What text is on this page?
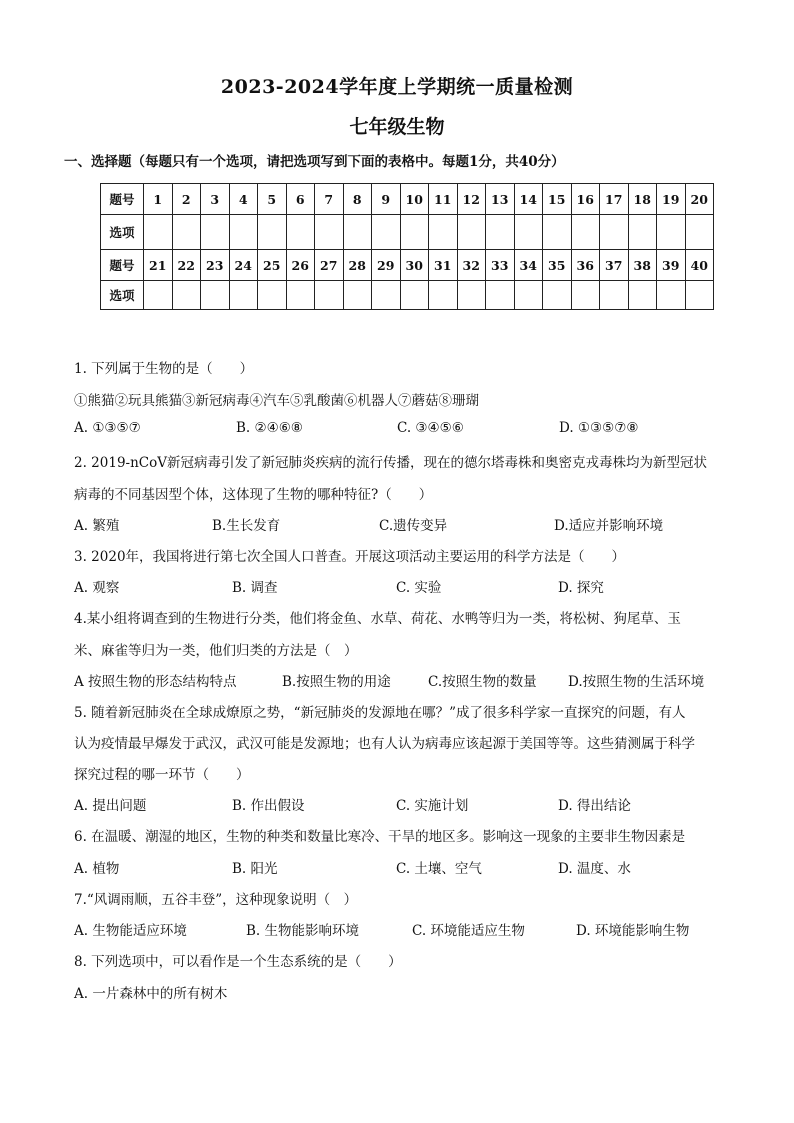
2023-2024学年度上学期统一质量检测
七年级生物
一、选择题（每题只有一个选项，请把选项写到下面的表格中。每题1分，共40分）
题号	1	2	3	4	5	6	7	8	9	10	11	12	13	14	15	16	17	18	19	20
选项																				
题号	21	22	23	24	25	26	27	28	29	30	31	32	33	34	35	36	37	38	39	40
选项																				
1. 下列属于生物的是（　　）
①熊猫②玩具熊猫③新冠病毒④汽车⑤乳酸菌⑥机器人⑦蘑菇⑧珊瑚
A. ①③⑤⑦	B. ②④⑥⑧	C. ③④⑤⑥	D. ①③⑤⑦⑧
2. 2019-nCoV新冠病毒引发了新冠肺炎疾病的流行传播，现在的德尔塔毒株和奥密克戎毒株均为新型冠状
病毒的不同基因型个体，这体现了生物的哪种特征?（　　）
A. 繁殖	B.生长发育	C.遗传变异	D.适应并影响环境
3. 2020年，我国将进行第七次全国人口普查。开展这项活动主要运用的科学方法是（　　）
A. 观察	B. 调查	C. 实验	D. 探究
4.某小组将调查到的生物进行分类，他们将金鱼、水草、荷花、水鸭等归为一类，将松树、狗尾草、玉
米、麻雀等归为一类，他们归类的方法是（　）
A 按照生物的形态结构特点	B.按照生物的用途	C.按照生物的数量 D.按照生物的生活环境
5. 随着新冠肺炎在全球成燎原之势，“新冠肺炎的发源地在哪？”成了很多科学家一直探究的问题，有人
认为疫情最早爆发于武汉，武汉可能是发源地；也有人认为病毒应该起源于美国等等。这些猜测属于科学
探究过程的哪一环节（　　）
A. 提出问题	B. 作出假设	C. 实施计划	D. 得出结论
6. 在温暖、潮湿的地区，生物的种类和数量比寒冷、干旱的地区多。影响这一现象的主要非生物因素是
A. 植物	B. 阳光	C. 土壤、空气	D. 温度、水
7.“风调雨顺，五谷丰登”，这种现象说明（　）
A. 生物能适应环境	B. 生物能影响环境	C. 环境能适应生物	D. 环境能影响生物
8. 下列选项中，可以看作是一个生态系统的是（　　）
A. 一片森林中的所有树木
